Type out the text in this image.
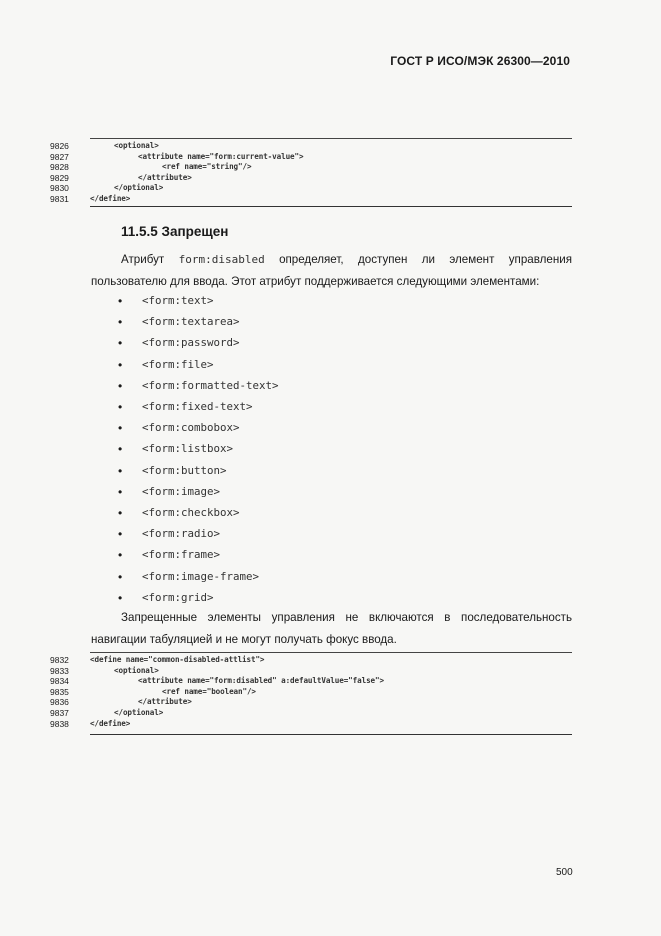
ГОСТ Р ИСО/МЭК 26300—2010
9826	<optional>
9827	<attribute name="form:current-value">
9828	<ref name="string"/>
9829	</attribute>
9830	</optional>
9831	</define>
11.5.5 Запрещен
Атрибут form:disabled определяет, доступен ли элемент управления
пользователю для ввода. Этот атрибут поддерживается следующими элементами:
• <form:text>
• <form:textarea>
• <form:password>
• <form:file>
• <form:formatted-text>
• <form:fixed-text>
• <form:combobox>
• <form:listbox>
• <form:button>
• <form:image>
• <form:checkbox>
• <form:radio>
• <form:frame>
• <form:image-frame>
• <form:grid>
Запрещенные элементы управления не включаются в последовательность
навигации табуляцией и не могут получать фокус ввода.
9832	<define name="common-disabled-attlist">
9833	<optional>
9834	<attribute name="form:disabled" a:defaultValue="false">
9835	<ref name="boolean"/>
9836	</attribute>
9837	</optional>
9838	</define>
500
